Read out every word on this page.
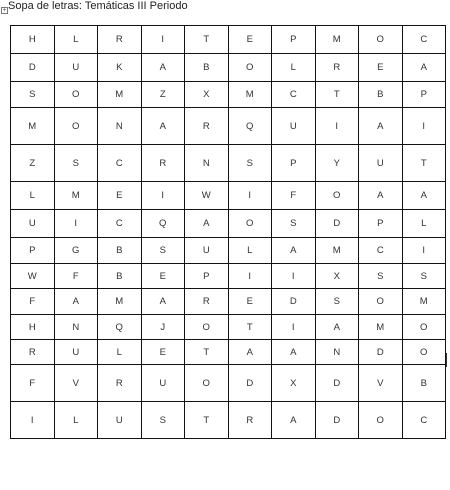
Sopa de letras: Temáticas III Periodo
+
H	L	R	I	T	E	P	M	O	C
D	U	K	A	B	O	L	R	E	A
S	O	M	Z	X	M	C	T	B	P
M	O	N	A	R	Q	U	I	A	I
Z	S	C	R	N	S	P	Y	U	T
L	M	E	I	W	I	F	O	A	A
U	I	C	Q	A	O	S	D	P	L
P	G	B	S	U	L	A	M	C	I
W	F	B	E	P	I	I	X	S	S
F	A	M	A	R	E	D	S	O	M
H	N	Q	J	O	T	I	A	M	O
R	U	L	E	T	A	A	N	D	O
F	V	R	U	O	D	X	D	V	B
I	L	U	S	T	R	A	D	O	C
